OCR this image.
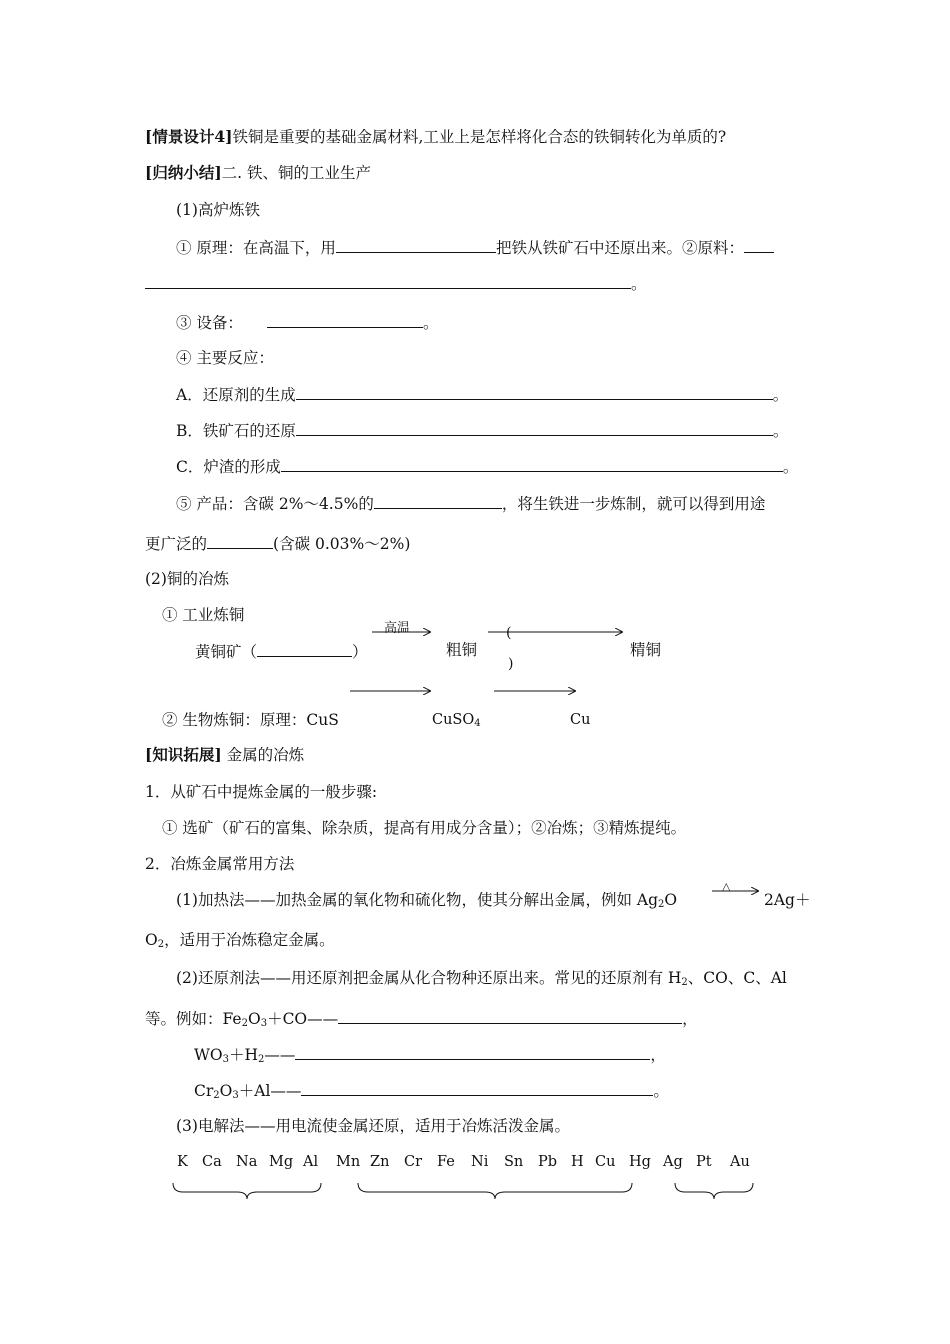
[情景设计4]铁铜是重要的基础金属材料,工业上是怎样将化合态的铁铜转化为单质的?
[归纳小结]二. 铁、铜的工业生产
(1)高炉炼铁
① 原理：在高温下，用	把铁从铁矿石中还原出来。②原料：
。
③ 设备：	。
④ 主要反应：
A．还原剂的生成	。
B．铁矿石的还原	。
C．炉渣的形成	。
⑤ 产品：含碳 2%～4.5%的	，将生铁进一步炼制，就可以得到用途
更广泛的	(含碳 0.03%～2%)
(2)铜的冶炼
① 工业炼铜
黄铜矿（	）
高温
粗铜
(
)
精铜
② 生物炼铜：原理：CuS	CuSO$_4$	Cu
[知识拓展] 金属的冶炼
1．从矿石中提炼金属的一般步骤:
① 选矿（矿石的富集、除杂质，提高有用成分含量）；②冶炼；③精炼提纯。
2．冶炼金属常用方法
(1)加热法——加热金属的氧化物和硫化物，使其分解出金属，例如 $Ag_2O$
△
2Ag＋
$O_2$，适用于冶炼稳定金属。
(2)还原剂法——用还原剂把金属从化合物种还原出来。常见的还原剂有 $H_2$、CO、C、Al
等。例如：$Fe_2O_3+CO——$	，
$WO_3+H_2——$	，
$Cr_2O_3+Al——$	。
(3)电解法——用电流使金属还原，适用于冶炼活泼金属。
K Ca Na Mg Al Mn Zn Cr Fe Ni Sn Pb H Cu Hg Ag Pt Au
